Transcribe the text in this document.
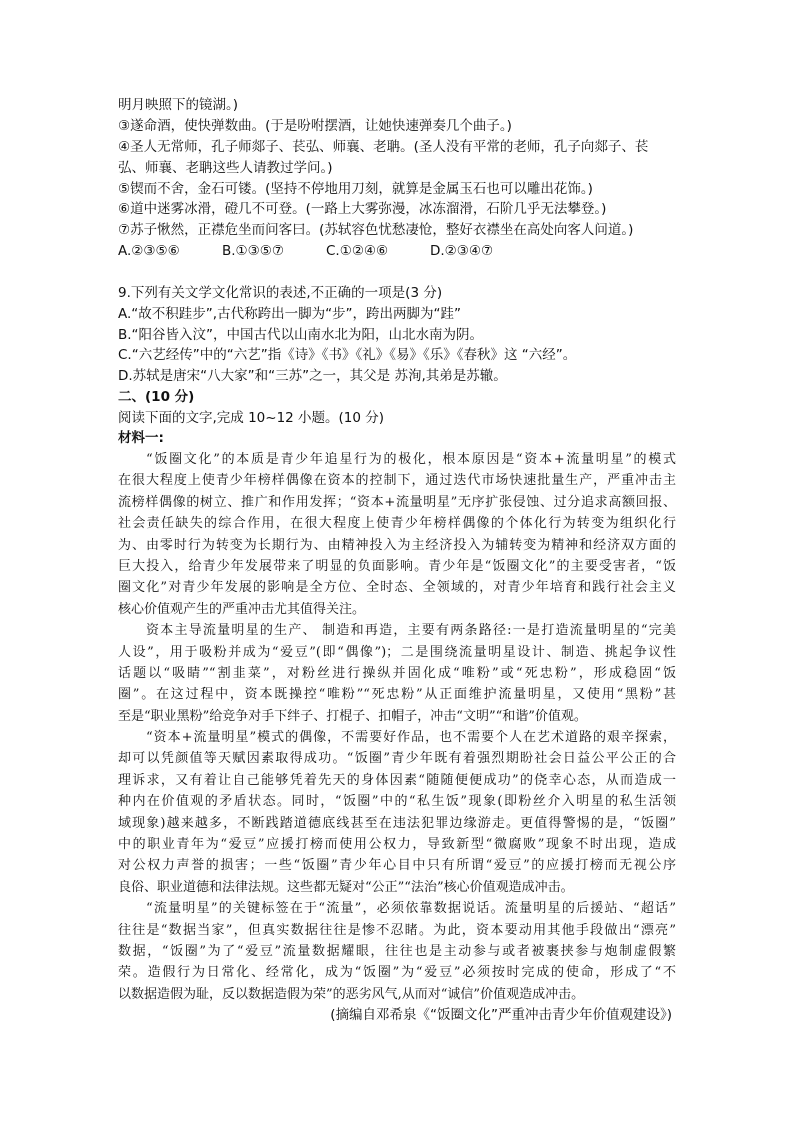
明月映照下的镜湖。)
③遂命酒，使快弹数曲。(于是吩咐摆酒，让她快速弹奏几个曲子。)
④圣人无常师，孔子师郯子、苌弘、师襄、老聃。(圣人没有平常的老师，孔子向郯子、苌
弘、师襄、老聃这些人请教过学问。)
⑤锲而不舍，金石可镂。(坚持不停地用刀刻，就算是金属玉石也可以雕出花饰。)
⑥道中迷雾冰滑，磴几不可登。(一路上大雾弥漫，冰冻溜滑，石阶几乎无法攀登。)
⑦苏子愀然，正襟危坐而问客曰。(苏轼容色忧愁凄怆，整好衣襟坐在高处向客人问道。)
A.②③⑤⑥	B.①③⑤⑦	C.①②④⑥	D.②③④⑦
9.下列有关文学文化常识的表述,不正确的一项是(3 分)
A.“故不积跬步”,古代称跨出一脚为“步”，跨出两脚为“跬”
B.“阳谷皆入汶”，中国古代以山南水北为阳，山北水南为阴。
C.“六艺经传”中的“六艺”指《诗》《书》《礼》《易》《乐》《春秋》这 “六经”。
D.苏轼是唐宋“八大家”和“三苏”之一，其父是 苏洵,其弟是苏辙。
二、(10 分)
阅读下面的文字,完成 10~12 小题。(10 分)
材料一:
“饭圈文化”的本质是青少年追星行为的极化，根本原因是“资本+流量明星”的模式
在很大程度上使青少年榜样偶像在资本的控制下，通过迭代市场快速批量生产，严重冲击主
流榜样偶像的树立、推广和作用发挥；“资本+流量明星”无序扩张侵蚀、过分追求高额回报、
社会责任缺失的综合作用，在很大程度上使青少年榜样偶像的个体化行为转变为组织化行
为、由零时行为转变为长期行为、由精神投入为主经济投入为辅转变为精神和经济双方面的
巨大投入，给青少年发展带来了明显的负面影响。青少年是“饭圈文化”的主要受害者，“饭
圈文化”对青少年发展的影响是全方位、全时态、全领域的，对青少年培育和践行社会主义
核心价值观产生的严重冲击尤其值得关注。
资本主导流量明星的生产、 制造和再造，主要有两条路径:一是打造流量明星的“完美
人设”，用于吸粉并成为“爱豆”(即“偶像”)；二是围绕流量明星设计、制造、挑起争议性
话题以“吸睛”“割韭菜”，对粉丝进行操纵并固化成“唯粉”或“死忠粉”，形成稳固“饭
圈”。在这过程中，资本既操控“唯粉”“死忠粉”从正面维护流量明星，又使用“黑粉”甚
至是“职业黑粉”给竞争对手下绊子、打棍子、扣帽子，冲击“文明”“和谐”价值观。
“资本+流量明星”模式的偶像，不需要好作品，也不需要个人在艺术道路的艰辛探索，
却可以凭颜值等天赋因素取得成功。“饭圈”青少年既有着强烈期盼社会日益公平公正的合
理诉求，又有着让自己能够凭着先天的身体因素“随随便便成功”的侥幸心态，从而造成一
种内在价值观的矛盾状态。同时，“饭圈”中的“私生饭”现象(即粉丝介入明星的私生活领
域现象)越来越多，不断践踏道德底线甚至在违法犯罪边缘游走。更值得警惕的是，“饭圈”
中的职业青年为“爱豆”应援打榜而使用公权力，导致新型“微腐败”现象不时出现，造成
对公权力声誉的损害；一些“饭圈”青少年心目中只有所谓“爱豆”的应援打榜而无视公序
良俗、职业道德和法律法规。这些都无疑对“公正”“法治”核心价值观造成冲击。
“流量明星”的关键标签在于“流量”，必须依靠数据说话。流量明星的后援站、“超话”
往往是“数据当家”，但真实数据往往是惨不忍睹。为此，资本要动用其他手段做出“漂亮”
数据，“饭圈”为了“爱豆”流量数据耀眼，往往也是主动参与或者被裹挟参与炮制虚假繁
荣。造假行为日常化、经常化，成为“饭圈”为“爱豆”必须按时完成的使命，形成了“不
以数据造假为耻，反以数据造假为荣”的恶劣风气,从而对“诚信”价值观造成冲击。
(摘编自邓希泉《“饭圈文化”严重冲击青少年价值观建设》)
